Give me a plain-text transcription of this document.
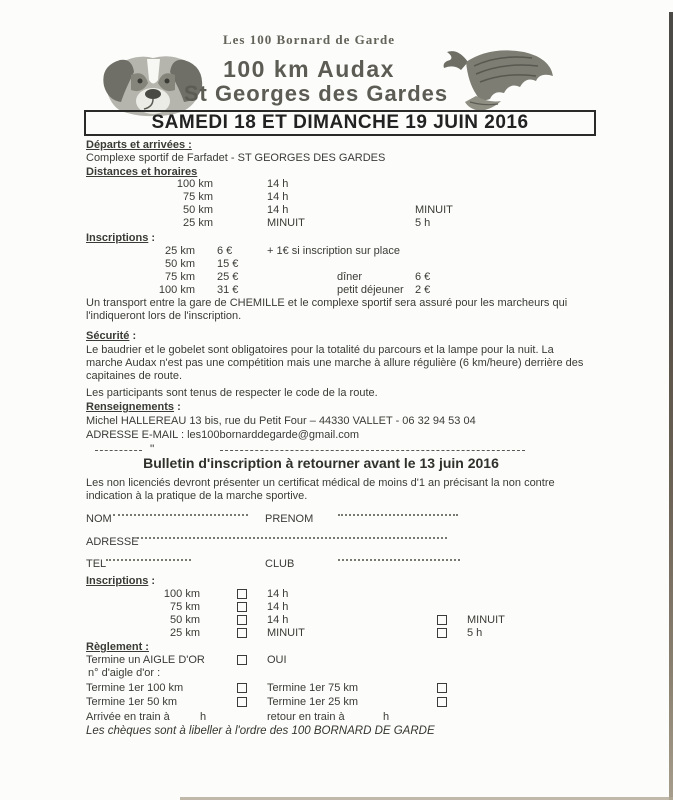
Les 100 Bornard de Garde
100 km Audax
St Georges des Gardes
SAMEDI 18 ET DIMANCHE 19 JUIN 2016
Départs et arrivées :
Complexe sportif de Farfadet - ST GEORGES DES GARDES
Distances et horaires
100 km	14 h
75 km	14 h
50 km	14 h	MINUIT
25 km	MINUIT	5 h
Inscriptions :
25 km 6 €	+ 1€ si inscription sur place
50 km 15 €
75 km 25 €	dîner	6 €
100 km 31 €	petit déjeuner 2 €
Un transport entre la gare de CHEMILLE et le complexe sportif sera assuré pour les marcheurs qui l'indiqueront lors de l'inscription.
Sécurité :
Le baudrier et le gobelet sont obligatoires pour la totalité du parcours et la lampe pour la nuit. La marche Audax n'est pas une compétition mais une marche à allure régulière (6 km/heure) derrière des capitaines de route.
Les participants sont tenus de respecter le code de la route.
Renseignements :
Michel HALLEREAU 13 bis, rue du Petit Four – 44330 VALLET - 06 32 94 53 04
ADRESSE E-MAIL : les100bornarddegarde@gmail.com
"
Bulletin d'inscription à retourner avant le 13 juin 2016
Les non licenciés devront présenter un certificat médical de moins d'1 an précisant la non contre indication à la pratique de la marche sportive.
NOM	PRENOM
ADRESSE
TEL	CLUB
Inscriptions :
100 km	14 h
75 km	14 h
50 km	14 h	MINUIT
25 km	MINUIT	5 h
Règlement :
Termine un AIGLE D'OR	OUI
n° d'aigle d'or :
Termine 1er 100 km	Termine 1er 75 km
Termine 1er 50 km	Termine 1er 25 km
Arrivée en train à	h	retour en train à	h
Les chèques sont à libeller à l'ordre des 100 BORNARD DE GARDE
